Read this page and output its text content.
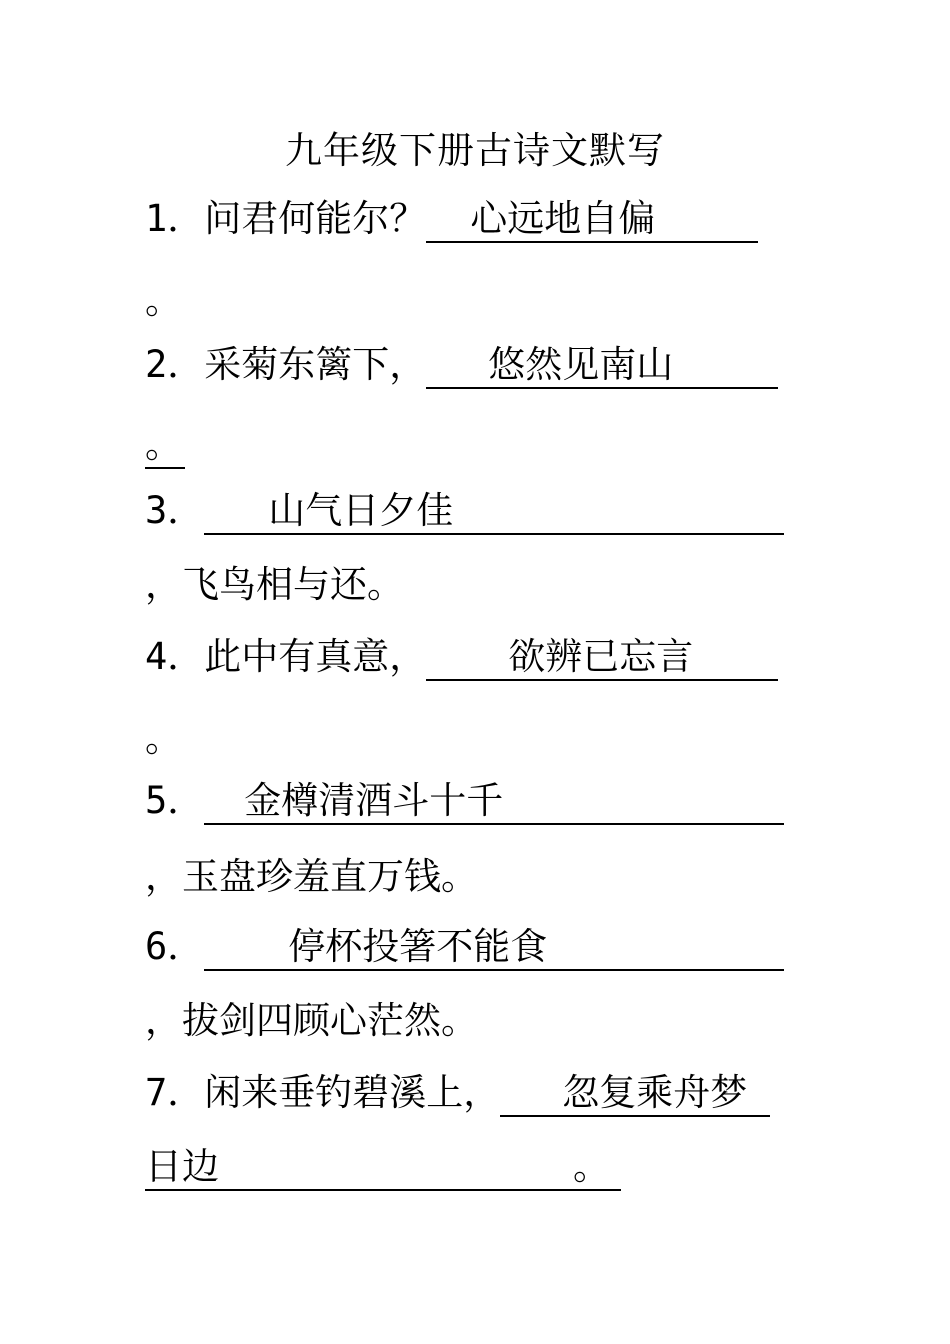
九年级下册古诗文默写
1．问君何能尔？ 心远地自偏
。
2．采菊东篱下， 悠然见南山
。
3． 山气日夕佳
，飞鸟相与还。
4．此中有真意， 欲辨已忘言
。
5． 金樽清酒斗十千
，玉盘珍羞直万钱。
6． 停杯投箸不能食
，拔剑四顾心茫然。
7．闲来垂钓碧溪上， 忽复乘舟梦
日边	。
